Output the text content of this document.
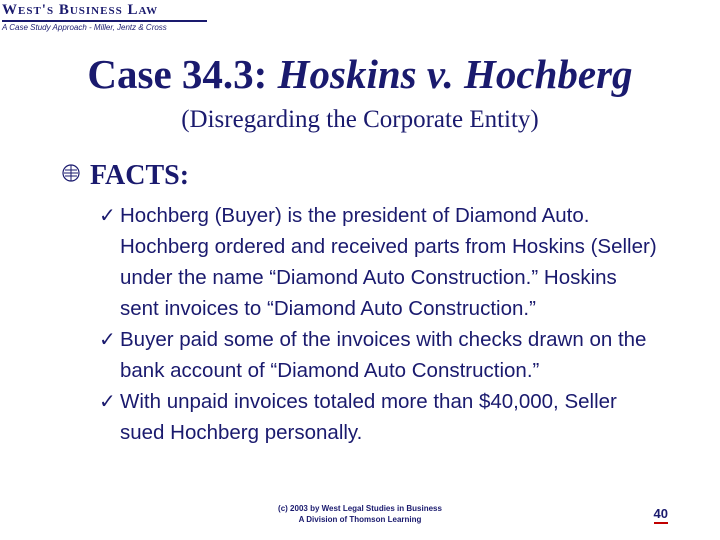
West's Business Law
A Case Study Approach - Miller, Jentz & Cross
Case 34.3: Hoskins v. Hochberg
(Disregarding the Corporate Entity)
FACTS:

✓ Hochberg (Buyer) is the president of Diamond Auto. Hochberg ordered and received parts from Hoskins (Seller) under the name “Diamond Auto Construction.” Hoskins sent invoices to “Diamond Auto Construction.”

✓ Buyer paid some of the invoices with checks drawn on the bank account of “Diamond Auto Construction.”

✓ With unpaid invoices totaled more than $40,000, Seller sued Hochberg personally.

(c) 2003 by West Legal Studies in Business
A Division of Thomson Learning	40
